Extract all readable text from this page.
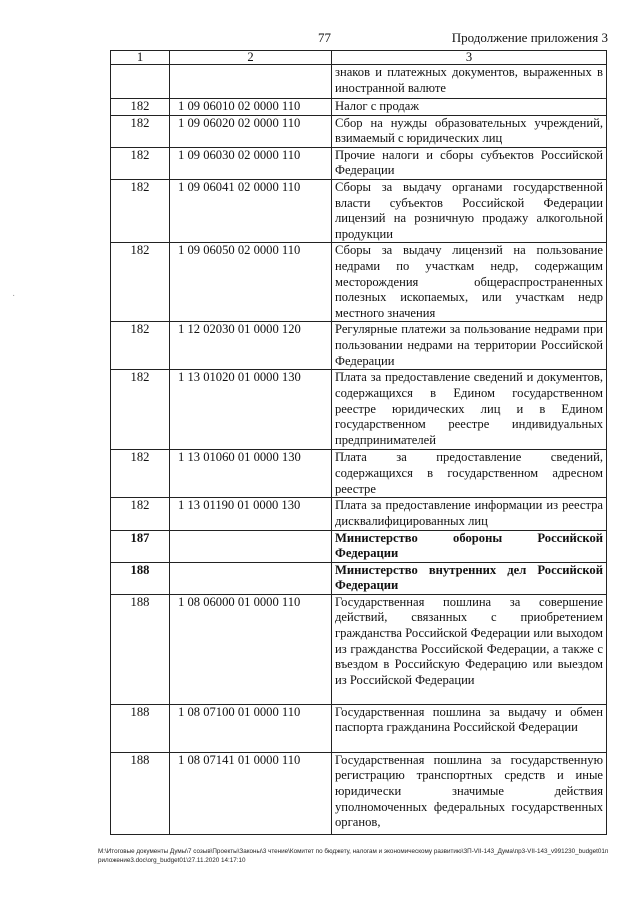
77	Продолжение приложения 3
·
1	2	3
		знаков и платежных документов, выраженных в иностранной валюте
182	1 09 06010 02 0000 110	Налог с продаж
182	1 09 06020 02 0000 110	Сбор на нужды образовательных учреждений, взимаемый с юридических лиц
182	1 09 06030 02 0000 110	Прочие налоги и сборы субъектов Российской Федерации
182	1 09 06041 02 0000 110	Сборы за выдачу органами государственной власти субъектов Российской Федерации лицензий на розничную продажу алкогольной продукции
182	1 09 06050 02 0000 110	Сборы за выдачу лицензий на пользование недрами по участкам недр, содержащим месторождения общераспространенных полезных ископаемых, или участкам недр местного значения
182	1 12 02030 01 0000 120	Регулярные платежи за пользование недрами при пользовании недрами на территории Российской Федерации
182	1 13 01020 01 0000 130	Плата за предоставление сведений и документов, содержащихся в Едином государственном реестре юридических лиц и в Едином государственном реестре индивидуальных предпринимателей
182	1 13 01060 01 0000 130	Плата за предоставление сведений, содержащихся в государственном адресном реестре
182	1 13 01190 01 0000 130	Плата за предоставление информации из реестра дисквалифицированных лиц
187		Министерство обороны Российской Федерации
188		Министерство внутренних дел Российской Федерации
188	1 08 06000 01 0000 110	Государственная пошлина за совершение действий, связанных с приобретением гражданства Российской Федерации или выходом из гражданства Российской Федерации, а также с въездом в Российскую Федерацию или выездом из Российской Федерации
188	1 08 07100 01 0000 110	Государственная пошлина за выдачу и обмен паспорта гражданина Российской Федерации
188	1 08 07141 01 0000 110	Государственная пошлина за государственную регистрацию транспортных средств и иные юридически значимые действия уполномоченных федеральных государственных органов,
M:\Итоговые документы Думы\7 созыв\Проекты\Законы\3 чтение\Комитет по бюджету, налогам и экономическому развитию\ЗП-VII-143_Дума\пр3-VII-143_v991230_budget01приложение3.doc\org_budget01\27.11.2020 14:17:10
